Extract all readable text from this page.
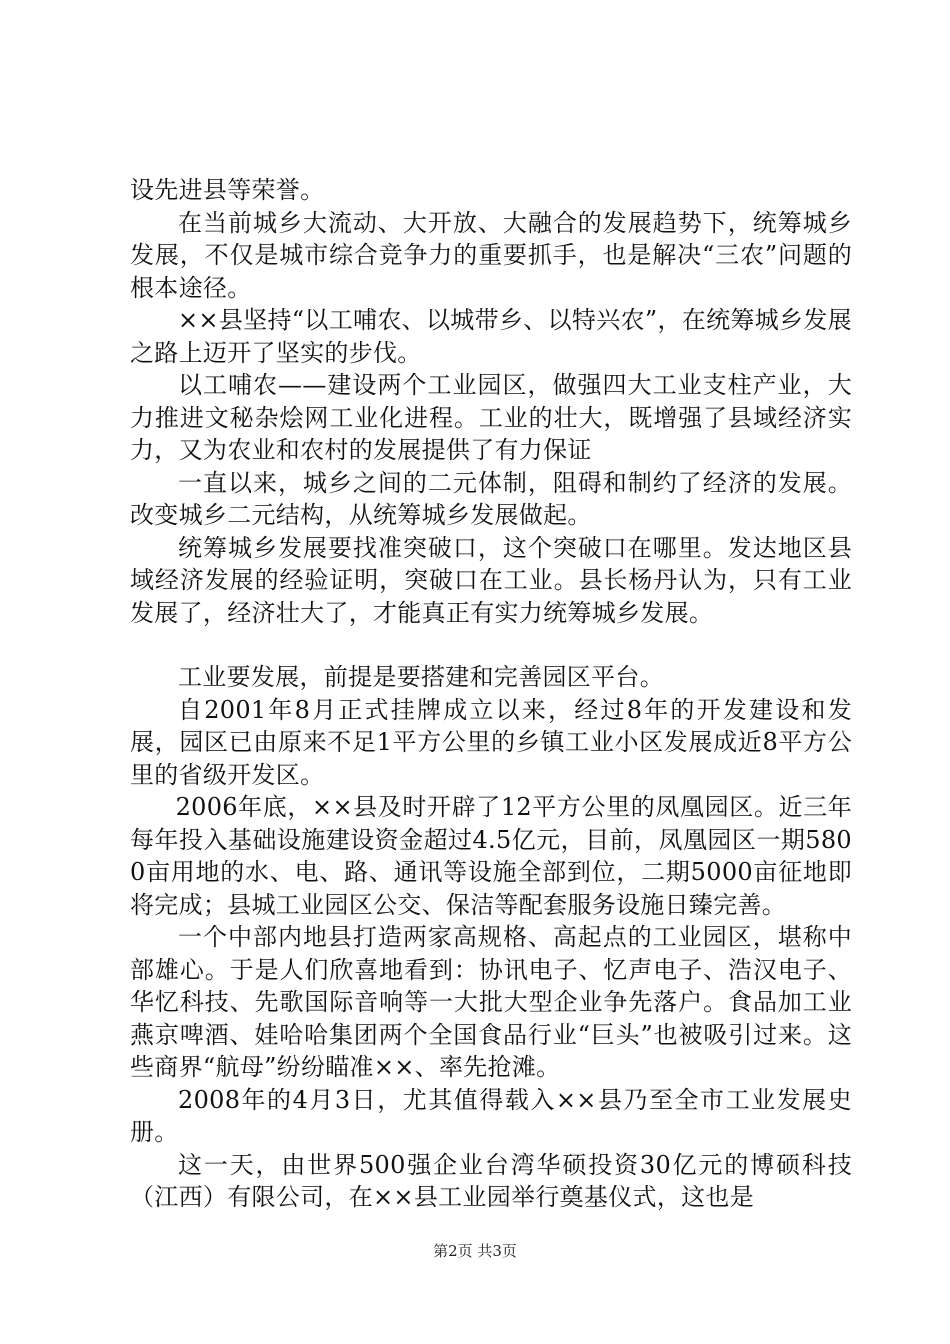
设先进县等荣誉。

在当前城乡大流动、大开放、大融合的发展趋势下，统筹城乡发展，不仅是城市综合竞争力的重要抓手，也是解决“三农”问题的根本途径。

××县坚持“以工哺农、以城带乡、以特兴农”，在统筹城乡发展之路上迈开了坚实的步伐。

以工哺农——建设两个工业园区，做强四大工业支柱产业，大力推进文秘杂烩网工业化进程。工业的壮大，既增强了县域经济实力，又为农业和农村的发展提供了有力保证

一直以来，城乡之间的二元体制，阻碍和制约了经济的发展。改变城乡二元结构，从统筹城乡发展做起。

统筹城乡发展要找准突破口，这个突破口在哪里。发达地区县域经济发展的经验证明，突破口在工业。县长杨丹认为，只有工业发展了，经济壮大了，才能真正有实力统筹城乡发展。

工业要发展，前提是要搭建和完善园区平台。

自2001年8月正式挂牌成立以来，经过8年的开发建设和发展，园区已由原来不足1平方公里的乡镇工业小区发展成近8平方公里的省级开发区。

2006年底，××县及时开辟了12平方公里的凤凰园区。近三年每年投入基础设施建设资金超过4.5亿元，目前，凤凰园区一期5800亩用地的水、电、路、通讯等设施全部到位，二期5000亩征地即将完成；县城工业园区公交、保洁等配套服务设施日臻完善。

一个中部内地县打造两家高规格、高起点的工业园区，堪称中部雄心。于是人们欣喜地看到：协讯电子、忆声电子、浩汉电子、华忆科技、先歌国际音响等一大批大型企业争先落户。食品加工业燕京啤酒、娃哈哈集团两个全国食品行业“巨头”也被吸引过来。这些商界“航母”纷纷瞄准××、率先抢滩。

2008年的4月3日，尤其值得载入××县乃至全市工业发展史册。

这一天，由世界500强企业台湾华硕投资30亿元的博硕科技（江西）有限公司，在××县工业园举行奠基仪式，这也是

第2页 共3页
